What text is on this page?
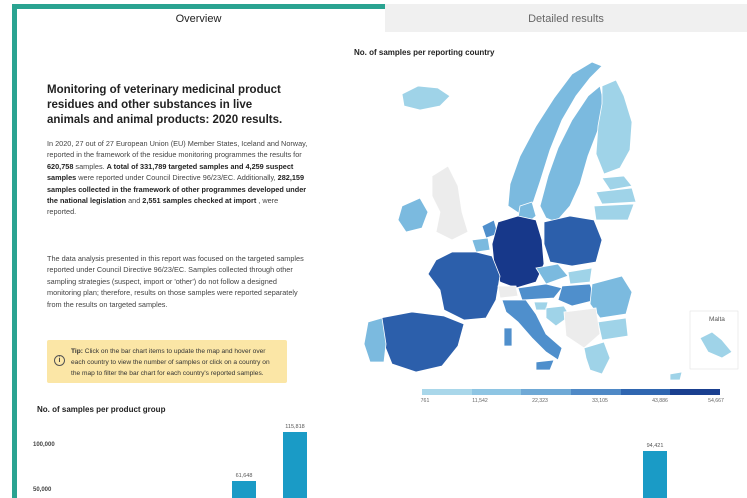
Overview	Detailed results
Monitoring of veterinary medicinal product residues and other substances in live animals and animal products: 2020 results.
In 2020, 27 out of 27 European Union (EU) Member States, Iceland and Norway, reported in the framework of the residue monitoring programmes the results for 620,758 samples. A total of 331,789 targeted samples and 4,259 suspect samples were reported under Council Directive 96/23/EC. Additionally, 282,159 samples collected in the framework of other programmes developed under the national legislation and 2,551 samples checked at import , were reported.
The data analysis presented in this report was focused on the targeted samples reported under Council Directive 96/23/EC. Samples collected through other sampling strategies (suspect, import or 'other') do not follow a designed monitoring plan; therefore, results on those samples were reported separately from the results on targeted samples.
i
Tip: Click on the bar chart items to update the map and hover over each country to view the number of samples or click on a country on the map to filter the bar chart for each country's reported samples.
No. of samples per reporting country
Malta
761	11,542	22,323	33,105	43,886	54,667
No. of samples per product group
100,000
50,000
61,648
115,818
94,421
